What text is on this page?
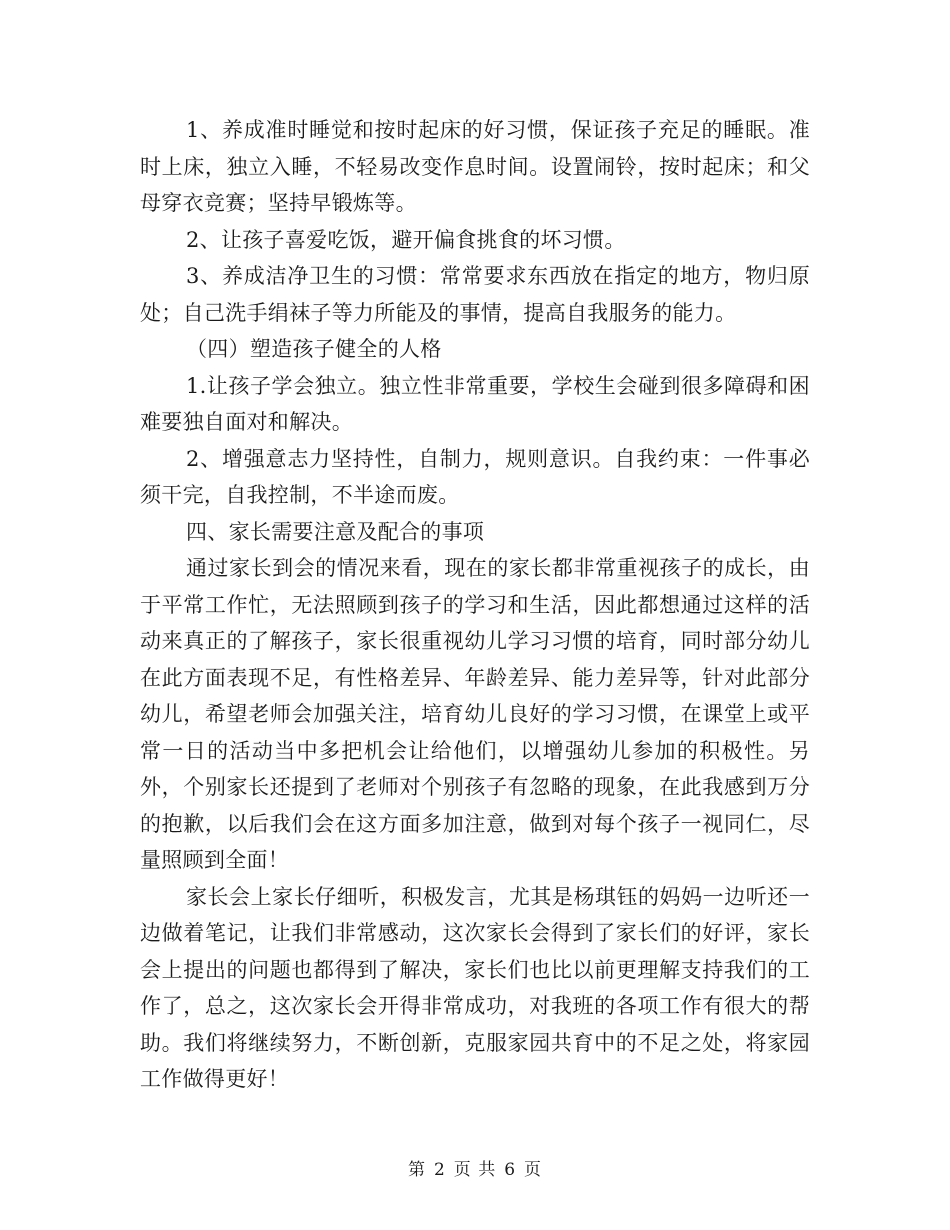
1、养成准时睡觉和按时起床的好习惯，保证孩子充足的睡眠。准时上床，独立入睡，不轻易改变作息时间。设置闹铃，按时起床；和父母穿衣竞赛；坚持早锻炼等。

2、让孩子喜爱吃饭，避开偏食挑食的坏习惯。

3、养成洁净卫生的习惯：常常要求东西放在指定的地方，物归原处；自己洗手绢袜子等力所能及的事情，提高自我服务的能力。

（四）塑造孩子健全的人格

1.让孩子学会独立。独立性非常重要，学校生会碰到很多障碍和困难要独自面对和解决。

2、增强意志力坚持性，自制力，规则意识。自我约束：一件事必须干完，自我控制，不半途而废。

四、家长需要注意及配合的事项

通过家长到会的情况来看，现在的家长都非常重视孩子的成长，由于平常工作忙，无法照顾到孩子的学习和生活，因此都想通过这样的活动来真正的了解孩子，家长很重视幼儿学习习惯的培育，同时部分幼儿在此方面表现不足，有性格差异、年龄差异、能力差异等，针对此部分幼儿，希望老师会加强关注，培育幼儿良好的学习习惯，在课堂上或平常一日的活动当中多把机会让给他们，以增强幼儿参加的积极性。另外，个别家长还提到了老师对个别孩子有忽略的现象，在此我感到万分的抱歉，以后我们会在这方面多加注意，做到对每个孩子一视同仁，尽量照顾到全面！

家长会上家长仔细听，积极发言，尤其是杨琪钰的妈妈一边听还一边做着笔记，让我们非常感动，这次家长会得到了家长们的好评，家长会上提出的问题也都得到了解决，家长们也比以前更理解支持我们的工作了，总之，这次家长会开得非常成功，对我班的各项工作有很大的帮助。我们将继续努力，不断创新，克服家园共育中的不足之处，将家园工作做得更好！

第 2 页 共 6 页
